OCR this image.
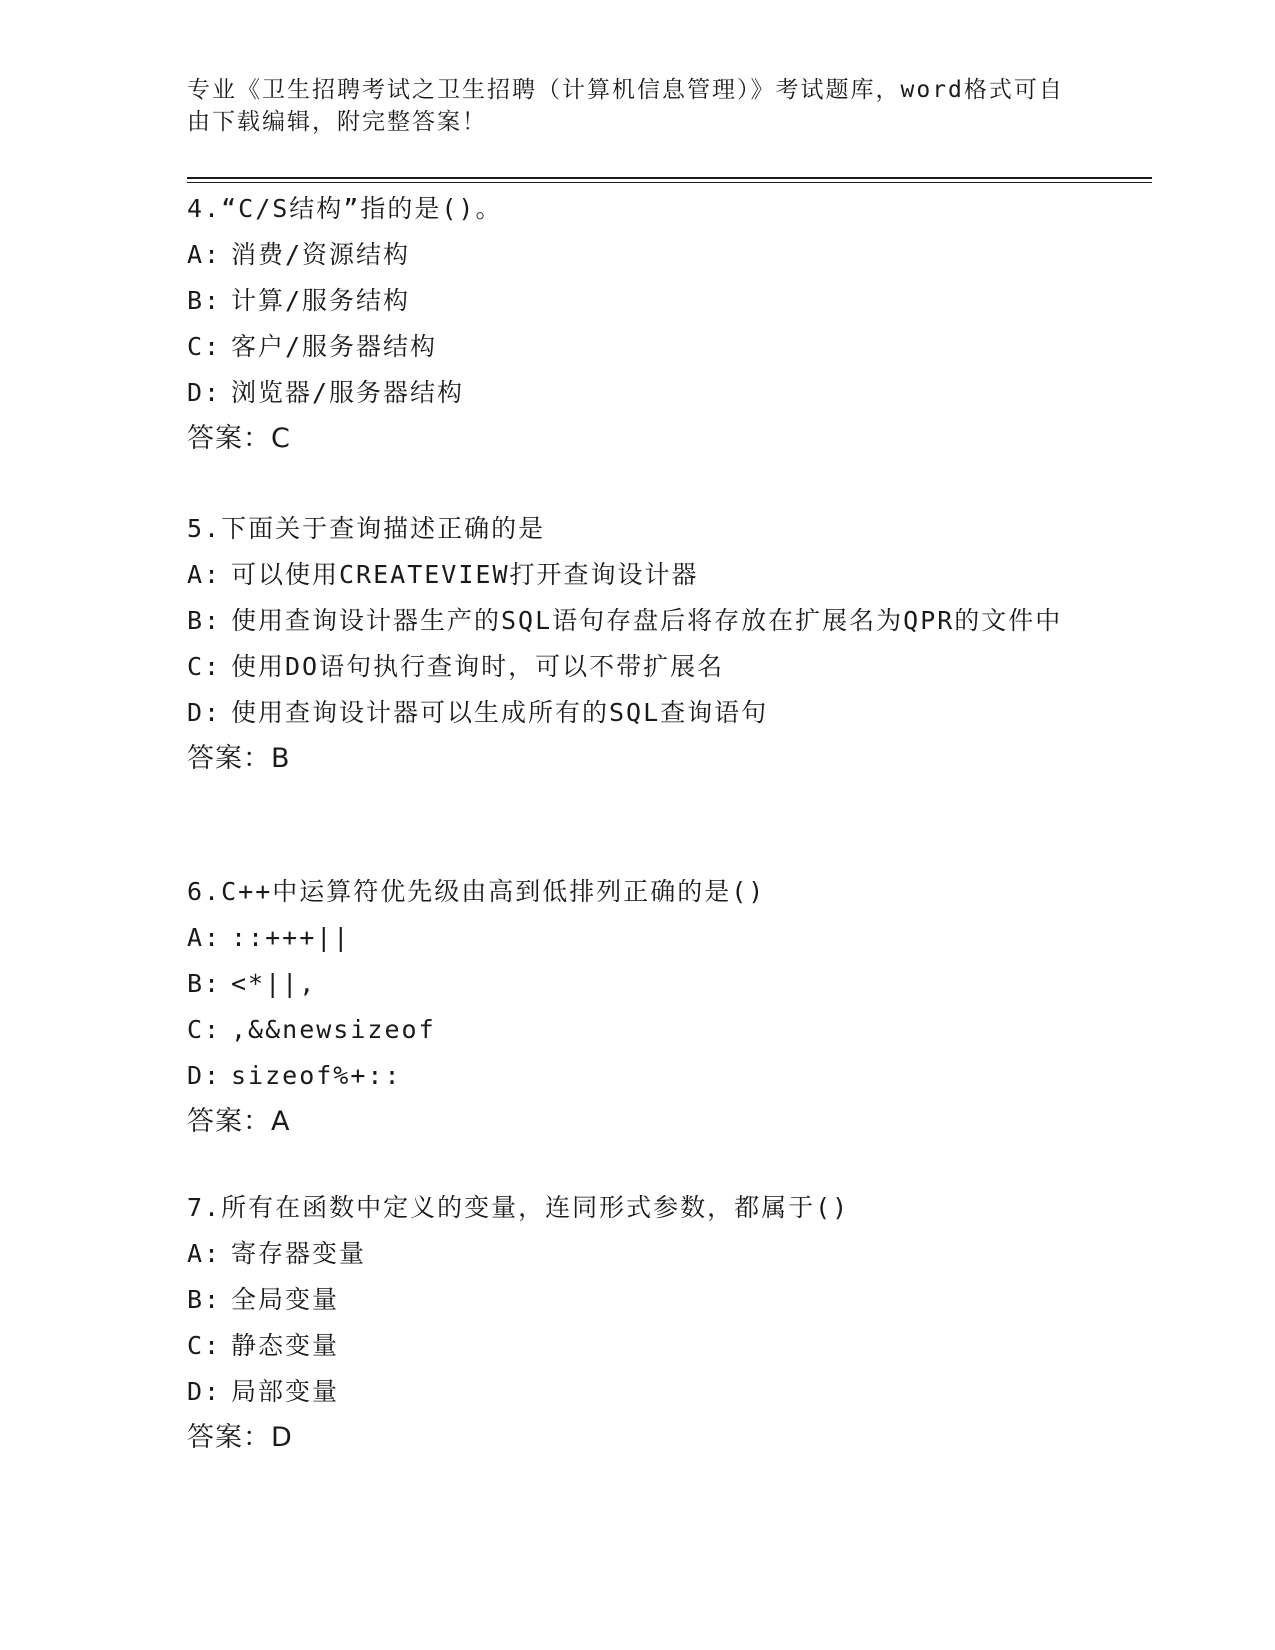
专业《卫生招聘考试之卫生招聘（计算机信息管理）》考试题库，word格式可自由下载编辑，附完整答案！
4.“C/S结构”指的是()。
A: 消费/资源结构
B: 计算/服务结构
C: 客户/服务器结构
D: 浏览器/服务器结构
答案：C
5.下面关于查询描述正确的是
A: 可以使用CREATEVIEW打开查询设计器
B: 使用查询设计器生产的SQL语句存盘后将存放在扩展名为QPR的文件中
C: 使用DO语句执行查询时，可以不带扩展名
D: 使用查询设计器可以生成所有的SQL查询语句
答案：B
6.C++中运算符优先级由高到低排列正确的是()
A: ::+++||
B: <*||,
C: ,&&newsizeof
D: sizeof%+::
答案：A
7.所有在函数中定义的变量，连同形式参数，都属于()
A: 寄存器变量
B: 全局变量
C: 静态变量
D: 局部变量
答案：D
